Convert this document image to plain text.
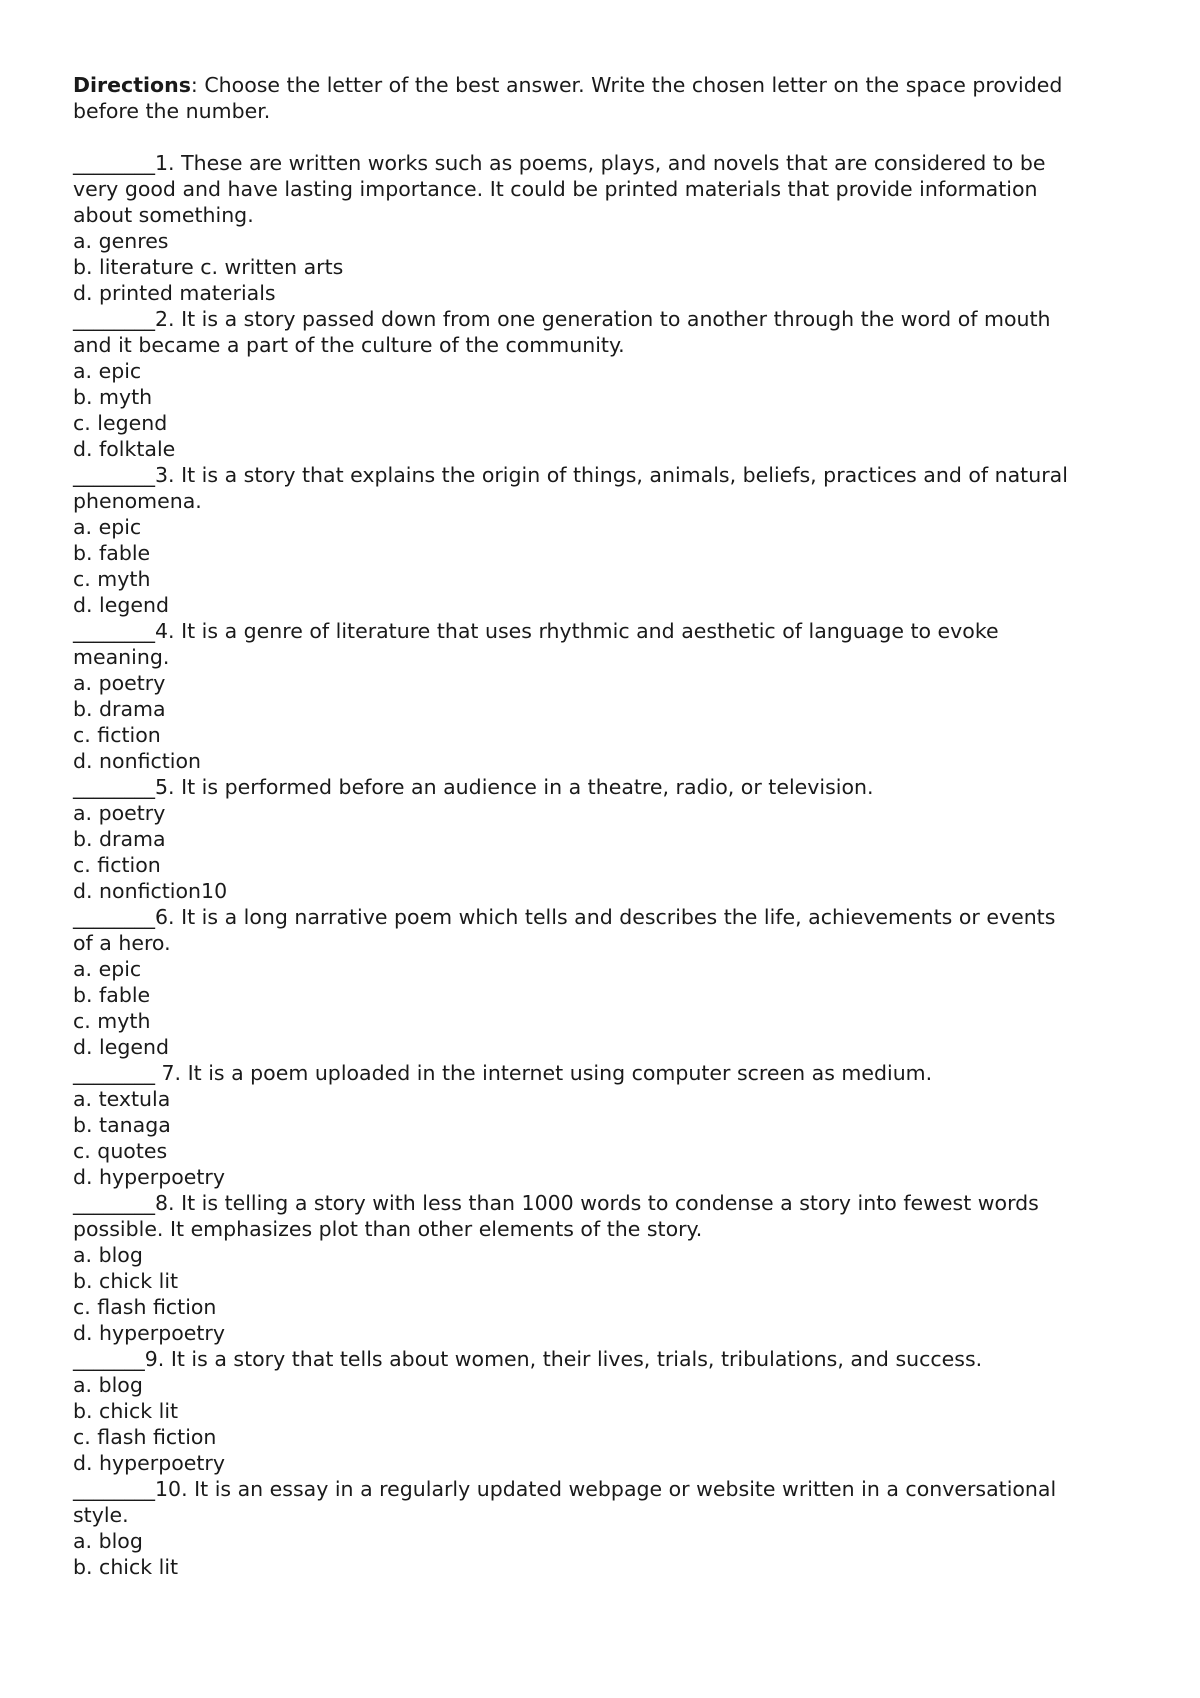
Directions: Choose the letter of the best answer. Write the chosen letter on the space provided before the number.

________1. These are written works such as poems, plays, and novels that are considered to be very good and have lasting importance. It could be printed materials that provide information about something.

a. genres

b. literature c. written arts

d. printed materials

________2. It is a story passed down from one generation to another through the word of mouth and it became a part of the culture of the community.

a. epic

b. myth

c. legend

d. folktale

________3. It is a story that explains the origin of things, animals, beliefs, practices and of natural phenomena.

a. epic

b. fable

c. myth

d. legend

________4. It is a genre of literature that uses rhythmic and aesthetic of language to evoke meaning.

a. poetry

b. drama

c. fiction

d. nonfiction

________5. It is performed before an audience in a theatre, radio, or television.

a. poetry

b. drama

c. fiction

d. nonfiction10

________6. It is a long narrative poem which tells and describes the life, achievements or events of a hero.

a. epic

b. fable

c. myth

d. legend

________ 7. It is a poem uploaded in the internet using computer screen as medium.

a. textula

b. tanaga

c. quotes

d. hyperpoetry

________8. It is telling a story with less than 1000 words to condense a story into fewest words possible. It emphasizes plot than other elements of the story.

a. blog

b. chick lit

c. flash fiction

d. hyperpoetry

_______9. It is a story that tells about women, their lives, trials, tribulations, and success.

a. blog

b. chick lit

c. flash fiction

d. hyperpoetry

________10. It is an essay in a regularly updated webpage or website written in a conversational style.

a. blog

b. chick lit
